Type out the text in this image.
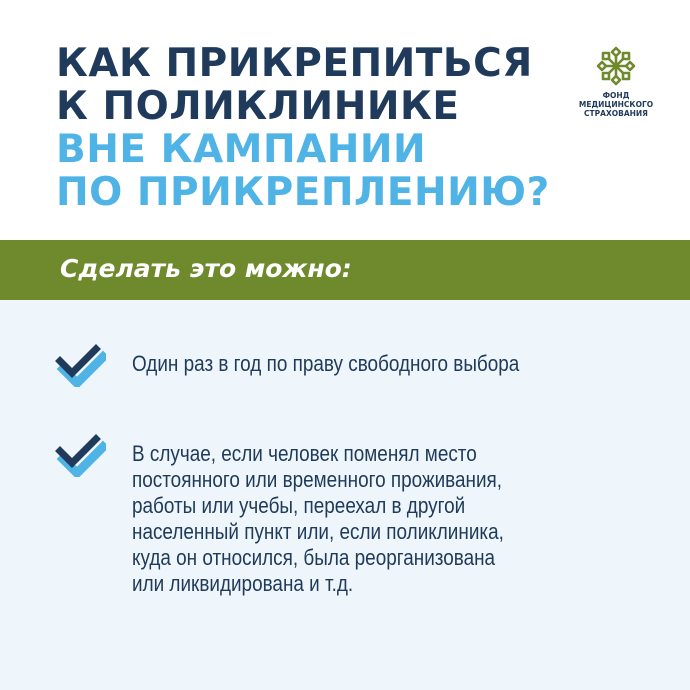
КАК ПРИКРЕПИТЬСЯ
К ПОЛИКЛИНИКЕ
ВНЕ КАМПАНИИ
ПО ПРИКРЕПЛЕНИЮ?
ФОНД
МЕДИЦИНСКОГО
СТРАХОВАНИЯ
Сделать это можно:
Один раз в год по праву свободного выбора
В случае, если человек поменял место
постоянного или временного проживания,
работы или учебы, переехал в другой
населенный пункт или, если поликлиника,
куда он относился, была реорганизована
или ликвидирована и т.д.
